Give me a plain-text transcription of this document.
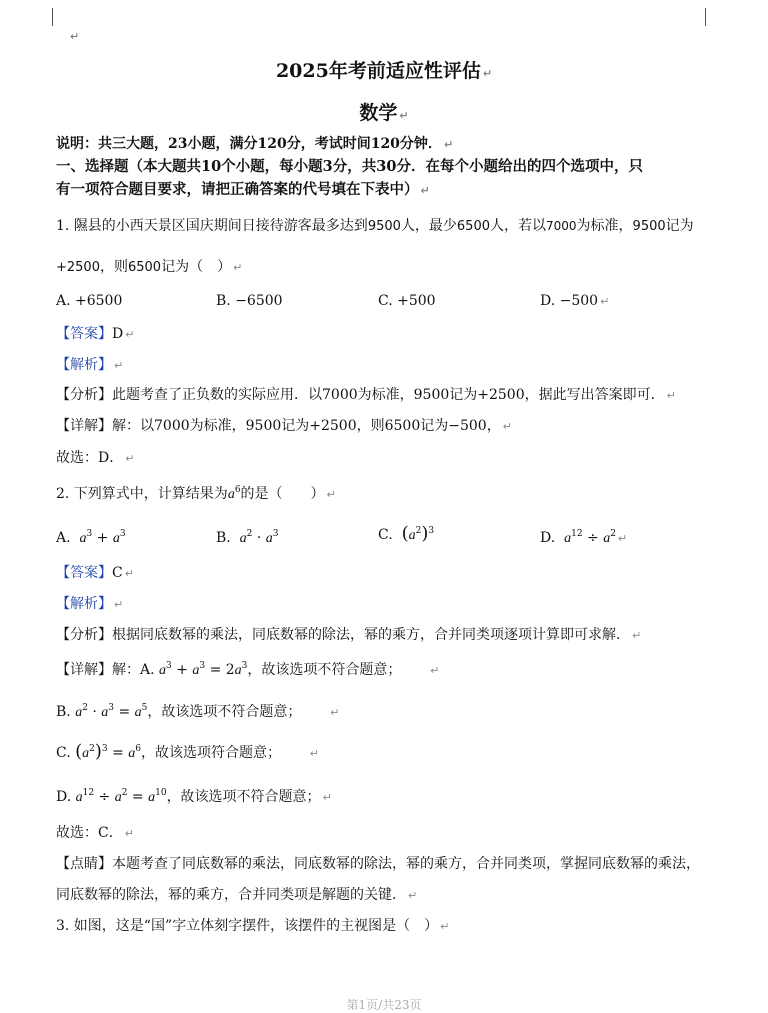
↵
2025年考前适应性评估 ↵
数学 ↵
说明：共三大题，23小题，满分120分，考试时间120分钟． ↵
一、选择题（本大题共10个小题，每小题3分，共30分．在每个小题给出的四个选项中，只
有一项符合题目要求，请把正确答案的代号填在下表中） ↵
1. 隰县的小西天景区国庆期间日接待游客最多达到9500人，最少6500人，若以7000为标准，9500记为
+2500，则6500记为（　） ↵
A. +6500	B. −6500	C. +500	D. −500 ↵
【答案】D ↵
【解析】 ↵
【分析】此题考查了正负数的实际应用．以7000为标准，9500记为+2500，据此写出答案即可． ↵
【详解】解：以7000为标准，9500记为+2500，则6500记为−500， ↵
故选：D． ↵
2. 下列算式中，计算结果为$a^6$的是（　　） ↵
A. $a^3 + a^3$	B. $a^2 \cdot a^3$	C. $(a^2)^3$	D. $a^{12} \div a^2$ ↵
【答案】C ↵
【解析】 ↵
【分析】根据同底数幂的乘法，同底数幂的除法，幂的乘方，合并同类项逐项计算即可求解． ↵
【详解】解：A. $a^3 + a^3 = 2a^3$，故该选项不符合题意；	↵
B. $a^2 \cdot a^3 = a^5$，故该选项不符合题意；	↵
C. $(a^2)^3 = a^6$，故该选项符合题意；	↵
D. $a^{12} \div a^2 = a^{10}$，故该选项不符合题意； ↵
故选：C． ↵
【点睛】本题考查了同底数幂的乘法，同底数幂的除法，幂的乘方，合并同类项，掌握同底数幂的乘法，
同底数幂的除法，幂的乘方，合并同类项是解题的关键． ↵
3. 如图，这是“国”字立体刻字摆件，该摆件的主视图是（　） ↵
第1页/共23页
